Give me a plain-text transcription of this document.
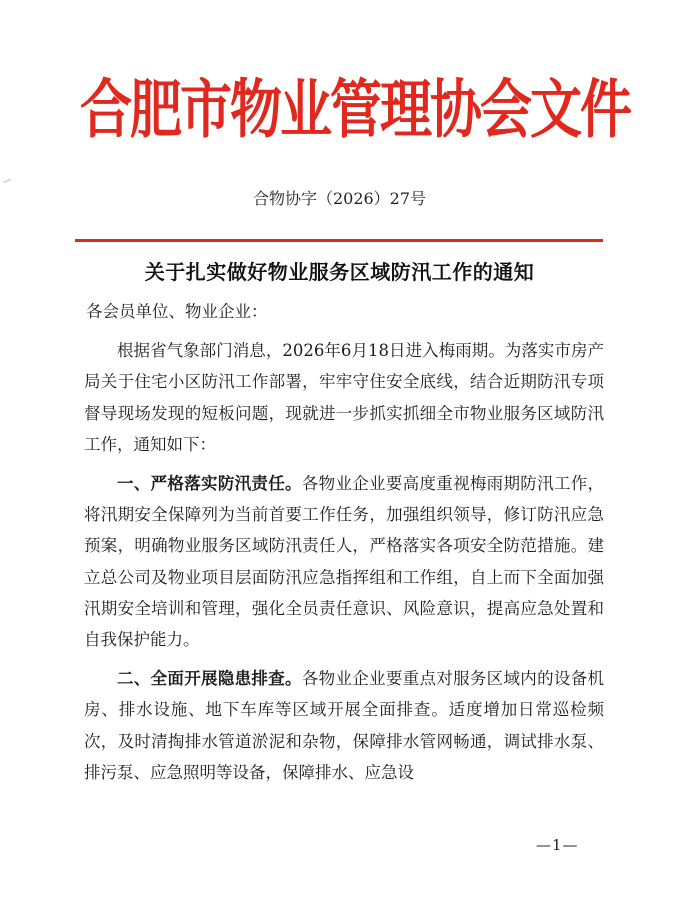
合肥市物业管理协会文件
合物协字（2026）27号
关于扎实做好物业服务区域防汛工作的通知

各会员单位、物业企业：

根据省气象部门消息，2026年6月18日进入梅雨期。为落实市房产局关于住宅小区防汛工作部署，牢牢守住安全底线，结合近期防汛专项督导现场发现的短板问题，现就进一步抓实抓细全市物业服务区域防汛工作，通知如下：

一、严格落实防汛责任。各物业企业要高度重视梅雨期防汛工作，将汛期安全保障列为当前首要工作任务，加强组织领导，修订防汛应急预案，明确物业服务区域防汛责任人，严格落实各项安全防范措施。建立总公司及物业项目层面防汛应急指挥组和工作组，自上而下全面加强汛期安全培训和管理，强化全员责任意识、风险意识，提高应急处置和自我保护能力。

二、全面开展隐患排查。各物业企业要重点对服务区域内的设备机房、排水设施、地下车库等区域开展全面排查。适度增加日常巡检频次，及时清掏排水管道淤泥和杂物，保障排水管网畅通，调试排水泵、排污泵、应急照明等设备，保障排水、应急设

—1—
